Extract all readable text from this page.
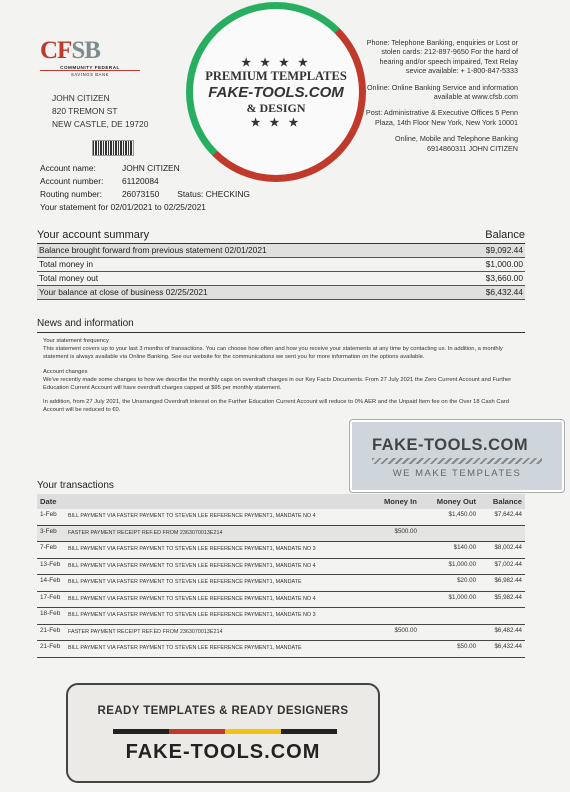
CFSB
COMMUNITY FEDERAL
SAVINGS BANK
JOHN CITIZEN
820 TREMON ST
NEW CASTLE, DE 19720

Phone: Telephone Banking, enquiries or Lost or stolen cards: 212-897-9650 For the hard of hearing and/or speech impaired, Text Relay sevice available: + 1-800-847-5333

Online: Online Banking Service and information available at www.cfsb.com

Post: Administrative & Executive Offices 5 Penn Plaza, 14th Floor New York, New York 10001

Online, Mobile and Telephone Banking 6914860311 JOHN CITIZEN

★ ★ ★ ★
PREMIUM TEMPLATES
FAKE-TOOLS.COM
& DESIGN
★ ★ ★
Account name:	JOHN CITIZEN
Account number:	61120084
Routing number:	26073150 Status:
CHECKING
Your statement for 02/01/2021 to 02/25/2021
Your account summary	Balance
Balance brought forward from previous statement 02/01/2021	$9,092.44
Total money in	$1,000.00
Total money out	$3,660.00
Your balance at close of business 02/25/2021	$6,432.44
News and information

Your statement frequency
This statement covers up to your last 3 months of transactions. You can choose how often and how you receive your statements at any time by contacting us. In addition, a monthly statement is always available via Online Banking. See our website for the communications we sent you for more information on the options available.

Account changes
We've recently made some changes to how we describe the monthly caps on overdraft charges in our Key Facts Documents. From 27 July 2021 the Zero Current Account and Further Education Current Account will have overdraft charges capped at $95 per monthly statement.

In addition, from 27 July 2021, the Unarranged Overdraft interest on the Further Education Current Account will reduce to 0% AER and the Unpaid Item fee on the Over 18 Cash Card Account will be reduced to €0.

Your transactions
Date		Money In	Money Out	Balance
1-Feb	BILL PAYMENT VIA FASTER PAYMENT TO STEVEN LEE REFERENCE PAYMENT1, MANDATE NO 4		$1,450.00	$7,642.44
3-Feb	FASTER PAYMENT RECEIPT REF.ED FROM 2363070013E214	$500.00		
7-Feb	BILL PAYMENT VIA FASTER PAYMENT TO STEVEN LEE REFERENCE PAYMENT1, MANDATE NO 3		$140.00	$8,002.44
13-Feb	BILL PAYMENT VIA FASTER PAYMENT TO STEVEN LEE REFERENCE PAYMENT1, MANDATE NO 4		$1,000.00	$7,002.44
14-Feb	BILL PAYMENT VIA FASTER PAYMENT TO STEVEN LEE REFERENCE PAYMENT1, MANDATE		$20.00	$6,982.44
17-Feb	BILL PAYMENT VIA FASTER PAYMENT TO STEVEN LEE REFERENCE PAYMENT1, MANDATE NO 4		$1,000.00	$5,982.44
18-Feb	BILL PAYMENT VIA FASTER PAYMENT TO STEVEN LEE REFERENCE PAYMENT1, MANDATE NO 3			
21-Feb	FASTER PAYMENT RECEIPT REF.ED FROM 2363070013E214	$500.00		$6,482.44
21-Feb	BILL PAYMENT VIA FASTER PAYMENT TO STEVEN LEE REFERENCE PAYMENT1, MANDATE		$50.00	$6,432.44
FAKE-TOOLS.COM
WE MAKE TEMPLATES
READY TEMPLATES & READY DESIGNERS
FAKE-TOOLS.COM
